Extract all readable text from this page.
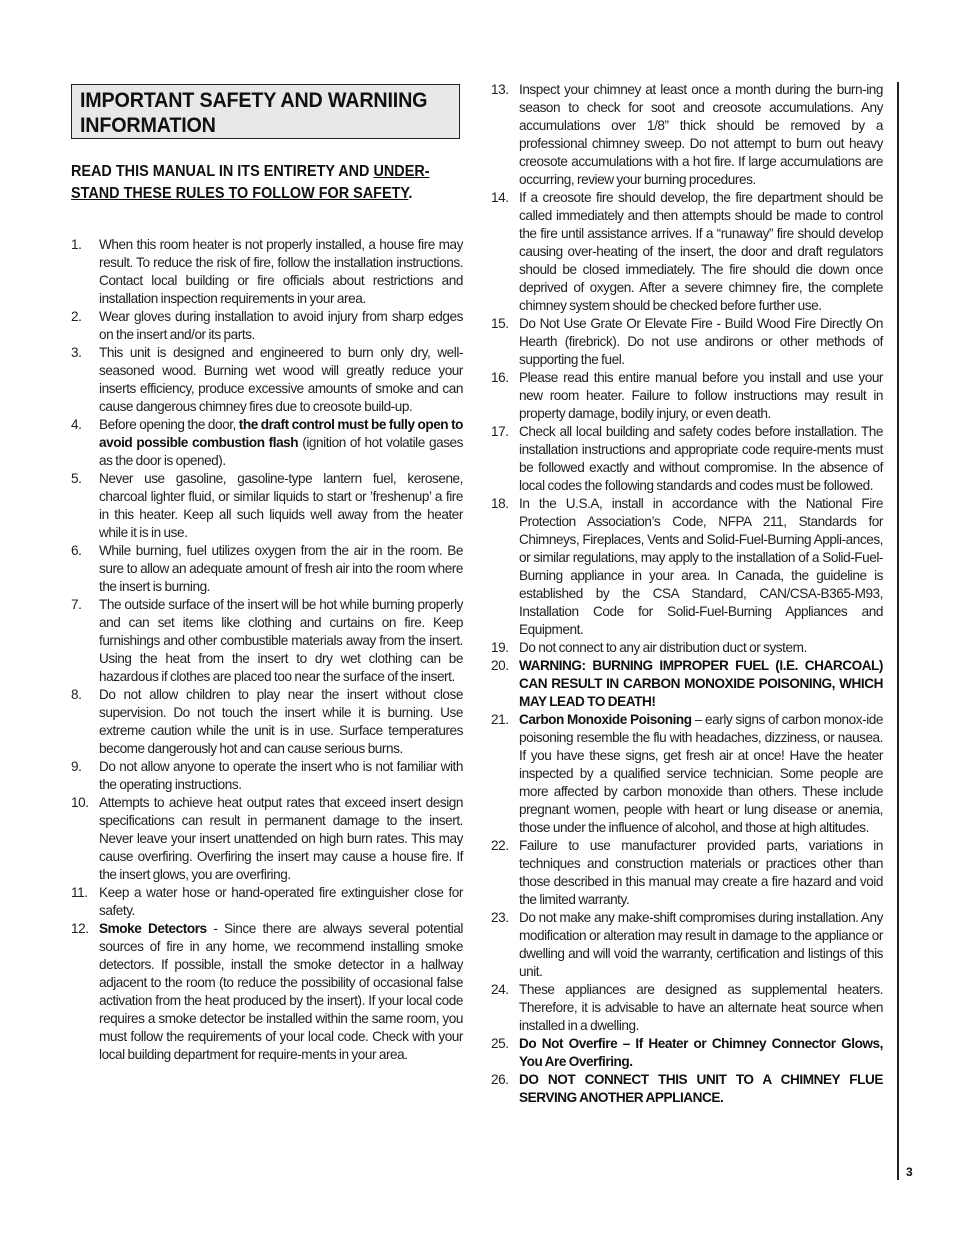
IMPORTANT SAFETY AND WARNIING INFORMATION
READ THIS MANUAL IN ITS ENTIRETY AND UNDER-STAND THESE RULES TO FOLLOW FOR SAFETY.
1.	When this room heater is not properly installed, a house fire may result. To reduce the risk of fire, follow the installation instructions. Contact local building or fire officials about restrictions and installation inspection requirements in your area.
2.	Wear gloves during installation to avoid injury from sharp edges on the insert and/or its parts.
3.	This unit is designed and engineered to burn only dry, well-seasoned wood. Burning wet wood will greatly reduce your inserts efficiency, produce excessive amounts of smoke and can cause dangerous chimney fires due to creosote build-up.
4.	Before opening the door, the draft control must be fully open to avoid possible combustion flash (ignition of hot volatile gases as the door is opened).
5.	Never use gasoline, gasoline-type lantern fuel, kerosene, charcoal lighter fluid, or similar liquids to start or ’freshenup’ a fire in this heater. Keep all such liquids well away from the heater while it is in use.
6.	While burning, fuel utilizes oxygen from the air in the room. Be sure to allow an adequate amount of fresh air into the room where the insert is burning.
7.	The outside surface of the insert will be hot while burning properly and can set items like clothing and curtains on fire. Keep furnishings and other combustible materials away from the insert. Using the heat from the insert to dry wet clothing can be hazardous if clothes are placed too near the surface of the insert.
8.	Do not allow children to play near the insert without close supervision. Do not touch the insert while it is burning. Use extreme caution while the unit is in use. Surface temperatures become dangerously hot and can cause serious burns.
9.	Do not allow anyone to operate the insert who is not familiar with the operating instructions.
10. Attempts to achieve heat output rates that exceed insert design specifications can result in permanent damage to the insert. Never leave your insert unattended on high burn rates. This may cause overfiring. Overfiring the insert may cause a house fire. If the insert glows, you are overfiring.
11. Keep a water hose or hand-operated fire extinguisher close for safety.
12. Smoke Detectors - Since there are always several potential sources of fire in any home, we recommend installing smoke detectors. If possible, install the smoke detector in a hallway adjacent to the room (to reduce the possibility of occasional false activation from the heat produced by the insert). If your local code requires a smoke detector be installed within the same room, you must follow the requirements of your local code. Check with your local building department for require-ments in your area.
13. Inspect your chimney at least once a month during the burn-ing season to check for soot and creosote accumulations. Any accumulations over 1/8” thick should be removed by a professional chimney sweep. Do not attempt to burn out heavy creosote accumulations with a hot fire. If large accumulations are occurring, review your burning procedures.
14. If a creosote fire should develop, the fire department should be called immediately and then attempts should be made to control the fire until assistance arrives. If a “runaway” fire should develop causing over-heating of the insert, the door and draft regulators should be closed immediately. The fire should die down once deprived of oxygen. After a severe chimney fire, the complete chimney system should be checked before further use.
15. Do Not Use Grate Or Elevate Fire - Build Wood Fire Directly On Hearth (firebrick). Do not use andirons or other methods of supporting the fuel.
16. Please read this entire manual before you install and use your new room heater. Failure to follow instructions may result in property damage, bodily injury, or even death.
17. Check all local building and safety codes before installation. The installation instructions and appropriate code require-ments must be followed exactly and without compromise. In the absence of local codes the following standards and codes must be followed.
18. In the U.S.A, install in accordance with the National Fire Protection Association’s Code, NFPA 211, Standards for Chimneys, Fireplaces, Vents and Solid-Fuel-Burning Appli-ances, or similar regulations, may apply to the installation of a Solid-Fuel-Burning appliance in your area. In Canada, the guideline is established by the CSA Standard, CAN/CSA-B365-M93, Installation Code for Solid-Fuel-Burning Appliances and Equipment.
19. Do not connect to any air distribution duct or system.
20. WARNING: BURNING IMPROPER FUEL (I.E. CHARCOAL) CAN RESULT IN CARBON MONOXIDE POISONING, WHICH MAY LEAD TO DEATH!
21. Carbon Monoxide Poisoning – early signs of carbon monox-ide poisoning resemble the flu with headaches, dizziness, or nausea. If you have these signs, get fresh air at once! Have the heater inspected by a qualified service technician. Some people are more affected by carbon monoxide than others. These include pregnant women, people with heart or lung disease or anemia, those under the influence of alcohol, and those at high altitudes.
22. Failure to use manufacturer provided parts, variations in techniques and construction materials or practices other than those described in this manual may create a fire hazard and void the limited warranty.
23. Do not make any make-shift compromises during installation. Any modification or alteration may result in damage to the appliance or dwelling and will void the warranty, certification and listings of this unit.
24. These appliances are designed as supplemental heaters. Therefore, it is advisable to have an alternate heat source when installed in a dwelling.
25. Do Not Overfire – If Heater or Chimney Connector Glows, You Are Overfiring.
26. DO NOT CONNECT THIS UNIT TO A CHIMNEY FLUE SERVING ANOTHER APPLIANCE.
3
